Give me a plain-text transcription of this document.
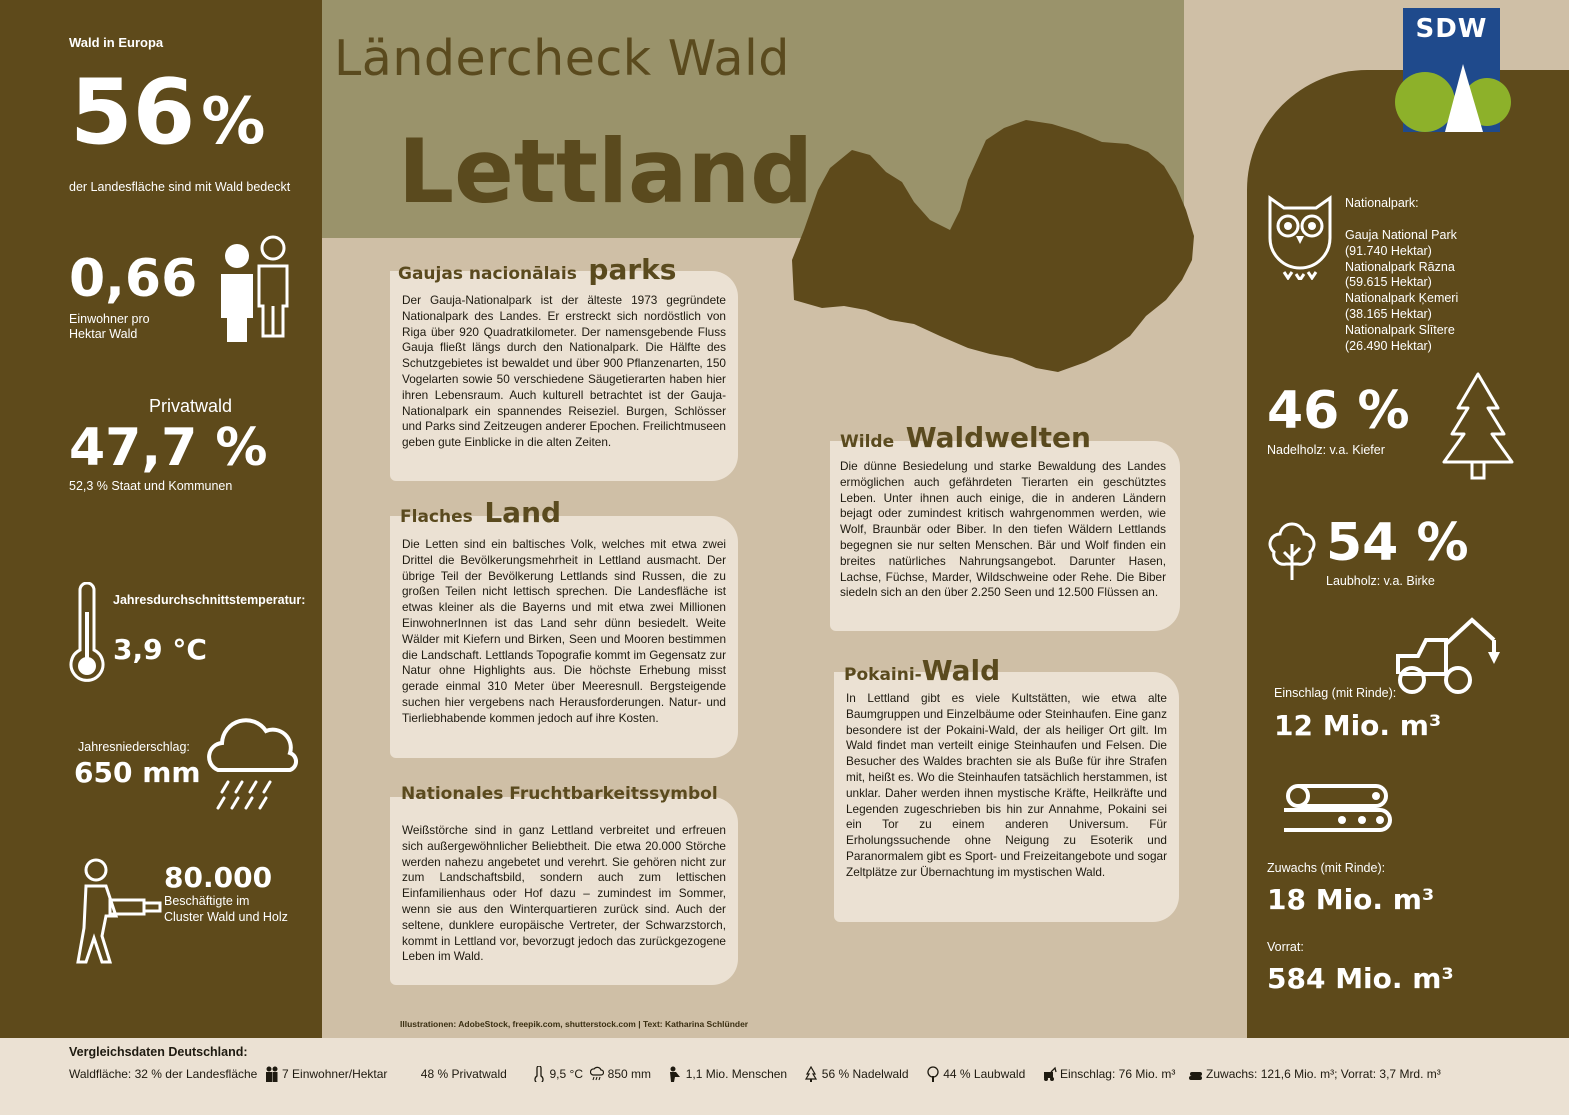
Ländercheck Wald
Lettland
SDW
Wald in Europa
56%
der Landesfläche sind mit Wald bedeckt
0,66
Einwohner pro
Hektar Wald
Privatwald
47,7 %
52,3 % Staat und Kommunen
Jahresdurchschnittstemperatur:
3,9 °C
Jahresniederschlag:
650 mm
80.000
Beschäftigte im
Cluster Wald und Holz

Der Gauja-Nationalpark ist der älteste 1973 gegründete Nationalpark des Landes. Er erstreckt sich nordöstlich von Riga über 920 Quadratkilometer. Der namensgebende Fluss Gauja fließt längs durch den Nationalpark. Die Hälfte des Schutzgebietes ist bewaldet und über 900 Pflanzenarten, 150 Vogelarten sowie 50 verschiedene Säugetierarten haben hier ihren Lebensraum. Auch kulturell betrachtet ist der Gauja-Nationalpark ein spannendes Reiseziel. Burgen, Schlösser und Parks sind Zeitzeugen anderer Epochen. Freilichtmuseen geben gute Einblicke in die alten Zeiten.

Gaujas nacionālais parks

Die Letten sind ein baltisches Volk, welches mit etwa zwei Drittel die Bevölkerungsmehrheit in Lettland ausmacht. Der übrige Teil der Bevölkerung Lettlands sind Russen, die zu großen Teilen nicht lettisch sprechen. Die Landesfläche ist etwas kleiner als die Bayerns und mit etwa zwei Millionen EinwohnerInnen ist das Land sehr dünn besiedelt. Weite Wälder mit Kiefern und Birken, Seen und Mooren bestimmen die Landschaft. Lettlands Topografie kommt im Gegensatz zur Natur ohne Highlights aus. Die höchste Erhebung misst gerade einmal 310 Meter über Meeresnull. Bergsteigende suchen hier vergebens nach Herausforderungen. Natur- und Tierliebhabende kommen jedoch auf ihre Kosten.

Flaches Land

Weißstörche sind in ganz Lettland verbreitet und erfreuen sich außergewöhnlicher Beliebtheit. Die etwa 20.000 Störche werden nahezu angebetet und verehrt. Sie gehören nicht zur zum Landschaftsbild, sondern auch zum lettischen Einfamilienhaus oder Hof dazu – zumindest im Sommer, wenn sie aus den Winterquartieren zurück sind. Auch der seltene, dunklere europäische Vertreter, der Schwarzstorch, kommt in Lettland vor, bevorzugt jedoch das zurückgezogene Leben im Wald.

Nationales Fruchtbarkeitssymbol

Die dünne Besiedelung und starke Bewaldung des Landes ermöglichen auch gefährdeten Tierarten ein geschütztes Leben. Unter ihnen auch einige, die in anderen Ländern bejagt oder zumindest kritisch wahrgenommen werden, wie Wolf, Braunbär oder Biber. In den tiefen Wäldern Lettlands begegnen sie nur selten Menschen. Bär und Wolf finden ein breites natürliches Nahrungsangebot. Darunter Hasen, Lachse, Füchse, Marder, Wildschweine oder Rehe. Die Biber siedeln sich an den über 2.250 Seen und 12.500 Flüssen an.

Wilde Waldwelten

In Lettland gibt es viele Kultstätten, wie etwa alte Baumgruppen und Einzelbäume oder Steinhaufen. Eine ganz besondere ist der Pokaini-Wald, der als heiliger Ort gilt. Im Wald findet man verteilt einige Steinhaufen und Felsen. Die Besucher des Waldes brachten sie als Buße für ihre Strafen mit, heißt es. Wo die Steinhaufen tatsächlich herstammen, ist unklar. Daher werden ihnen mystische Kräfte, Heilkräfte und Legenden zugeschrieben bis hin zur Annahme, Pokaini sei ein Tor zu einem anderen Universum. Für Erholungssuchende ohne Neigung zu Esoterik und Paranormalem gibt es Sport- und Freizeitangebote und sogar Zeltplätze zur Übernachtung im mystischen Wald.

Pokaini-Wald
Illustrationen: AdobeStock, freepik.com, shutterstock.com | Text: Katharina Schlünder
Nationalpark:
Gauja National Park
(91.740 Hektar)
Nationalpark Rāzna
(59.615 Hektar)
Nationalpark Ķemeri
(38.165 Hektar)
Nationalpark Slītere
(26.490 Hektar)
46 %
Nadelholz: v.a. Kiefer
54 %
Laubholz: v.a. Birke
Einschlag (mit Rinde):
12 Mio. m³
Zuwachs (mit Rinde):
18 Mio. m³
Vorrat:
584 Mio. m³
Vergleichsdaten Deutschland:
Waldfläche: 32 % der Landesfläche 7 Einwohner/Hektar	48 % Privatwald	9,5 °C 850 mm	1,1 Mio. Menschen	56 % Nadelwald	44 % Laubwald	Einschlag: 76 Mio. m³	Zuwachs: 121,6 Mio. m³; Vorrat: 3,7 Mrd. m³
